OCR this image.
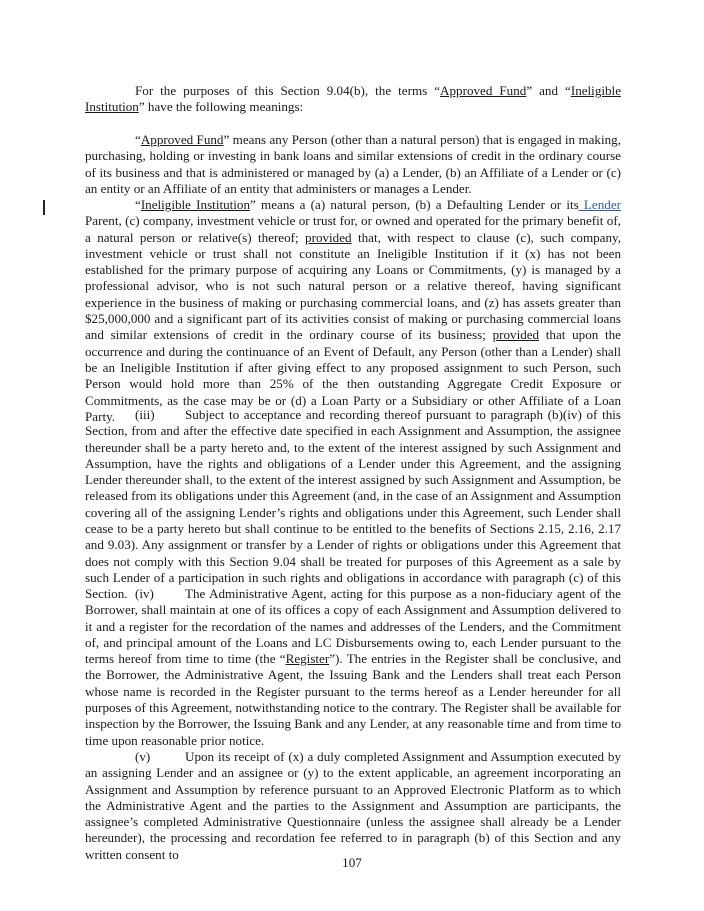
For the purposes of this Section 9.04(b), the terms “Approved Fund” and “Ineligible Institution” have the following meanings:
“Approved Fund” means any Person (other than a natural person) that is engaged in making, purchasing, holding or investing in bank loans and similar extensions of credit in the ordinary course of its business and that is administered or managed by (a) a Lender, (b) an Affiliate of a Lender or (c) an entity or an Affiliate of an entity that administers or manages a Lender.
“Ineligible Institution” means a (a) natural person, (b) a Defaulting Lender or its Lender Parent, (c) company, investment vehicle or trust for, or owned and operated for the primary benefit of, a natural person or relative(s) thereof; provided that, with respect to clause (c), such company, investment vehicle or trust shall not constitute an Ineligible Institution if it (x) has not been established for the primary purpose of acquiring any Loans or Commitments, (y) is managed by a professional advisor, who is not such natural person or a relative thereof, having significant experience in the business of making or purchasing commercial loans, and (z) has assets greater than $25,000,000 and a significant part of its activities consist of making or purchasing commercial loans and similar extensions of credit in the ordinary course of its business; provided that upon the occurrence and during the continuance of an Event of Default, any Person (other than a Lender) shall be an Ineligible Institution if after giving effect to any proposed assignment to such Person, such Person would hold more than 25% of the then outstanding Aggregate Credit Exposure or Commitments, as the case may be or (d) a Loan Party or a Subsidiary or other Affiliate of a Loan Party.	(iii) Subject to acceptance and recording thereof pursuant to paragraph (b)(iv) of this Section, from and after the effective date specified in each Assignment and Assumption, the assignee thereunder shall be a party hereto and, to the extent of the interest assigned by such Assignment and Assumption, have the rights and obligations of a Lender under this Agreement, and the assigning Lender thereunder shall, to the extent of the interest assigned by such Assignment and Assumption, be released from its obligations under this Agreement (and, in the case of an Assignment and Assumption covering all of the assigning Lender’s rights and obligations under this Agreement, such Lender shall cease to be a party hereto but shall continue to be entitled to the benefits of Sections 2.15, 2.16, 2.17 and 9.03). Any assignment or transfer by a Lender of rights or obligations under this Agreement that does not comply with this Section 9.04 shall be treated for purposes of this Agreement as a sale by such Lender of a participation in such rights and obligations in accordance with paragraph (c) of this Section. (iv) The Administrative Agent, acting for this purpose as a non-fiduciary agent of the Borrower, shall maintain at one of its offices a copy of each Assignment and Assumption delivered to it and a register for the recordation of the names and addresses of the Lenders, and the Commitment of, and principal amount of the Loans and LC Disbursements owing to, each Lender pursuant to the terms hereof from time to time (the “Register”). The entries in the Register shall be conclusive, and the Borrower, the Administrative Agent, the Issuing Bank and the Lenders shall treat each Person whose name is recorded in the Register pursuant to the terms hereof as a Lender hereunder for all purposes of this Agreement, notwithstanding notice to the contrary. The Register shall be available for inspection by the Borrower, the Issuing Bank and any Lender, at any reasonable time and from time to time upon reasonable prior notice.
(v)	Upon its receipt of (x) a duly completed Assignment and Assumption executed by an assigning Lender and an assignee or (y) to the extent applicable, an agreement incorporating an Assignment and Assumption by reference pursuant to an Approved Electronic Platform as to which the Administrative Agent and the parties to the Assignment and Assumption are participants, the assignee’s completed Administrative Questionnaire (unless the assignee shall already be a Lender hereunder), the processing and recordation fee referred to in paragraph (b) of this Section and any written consent to
107
